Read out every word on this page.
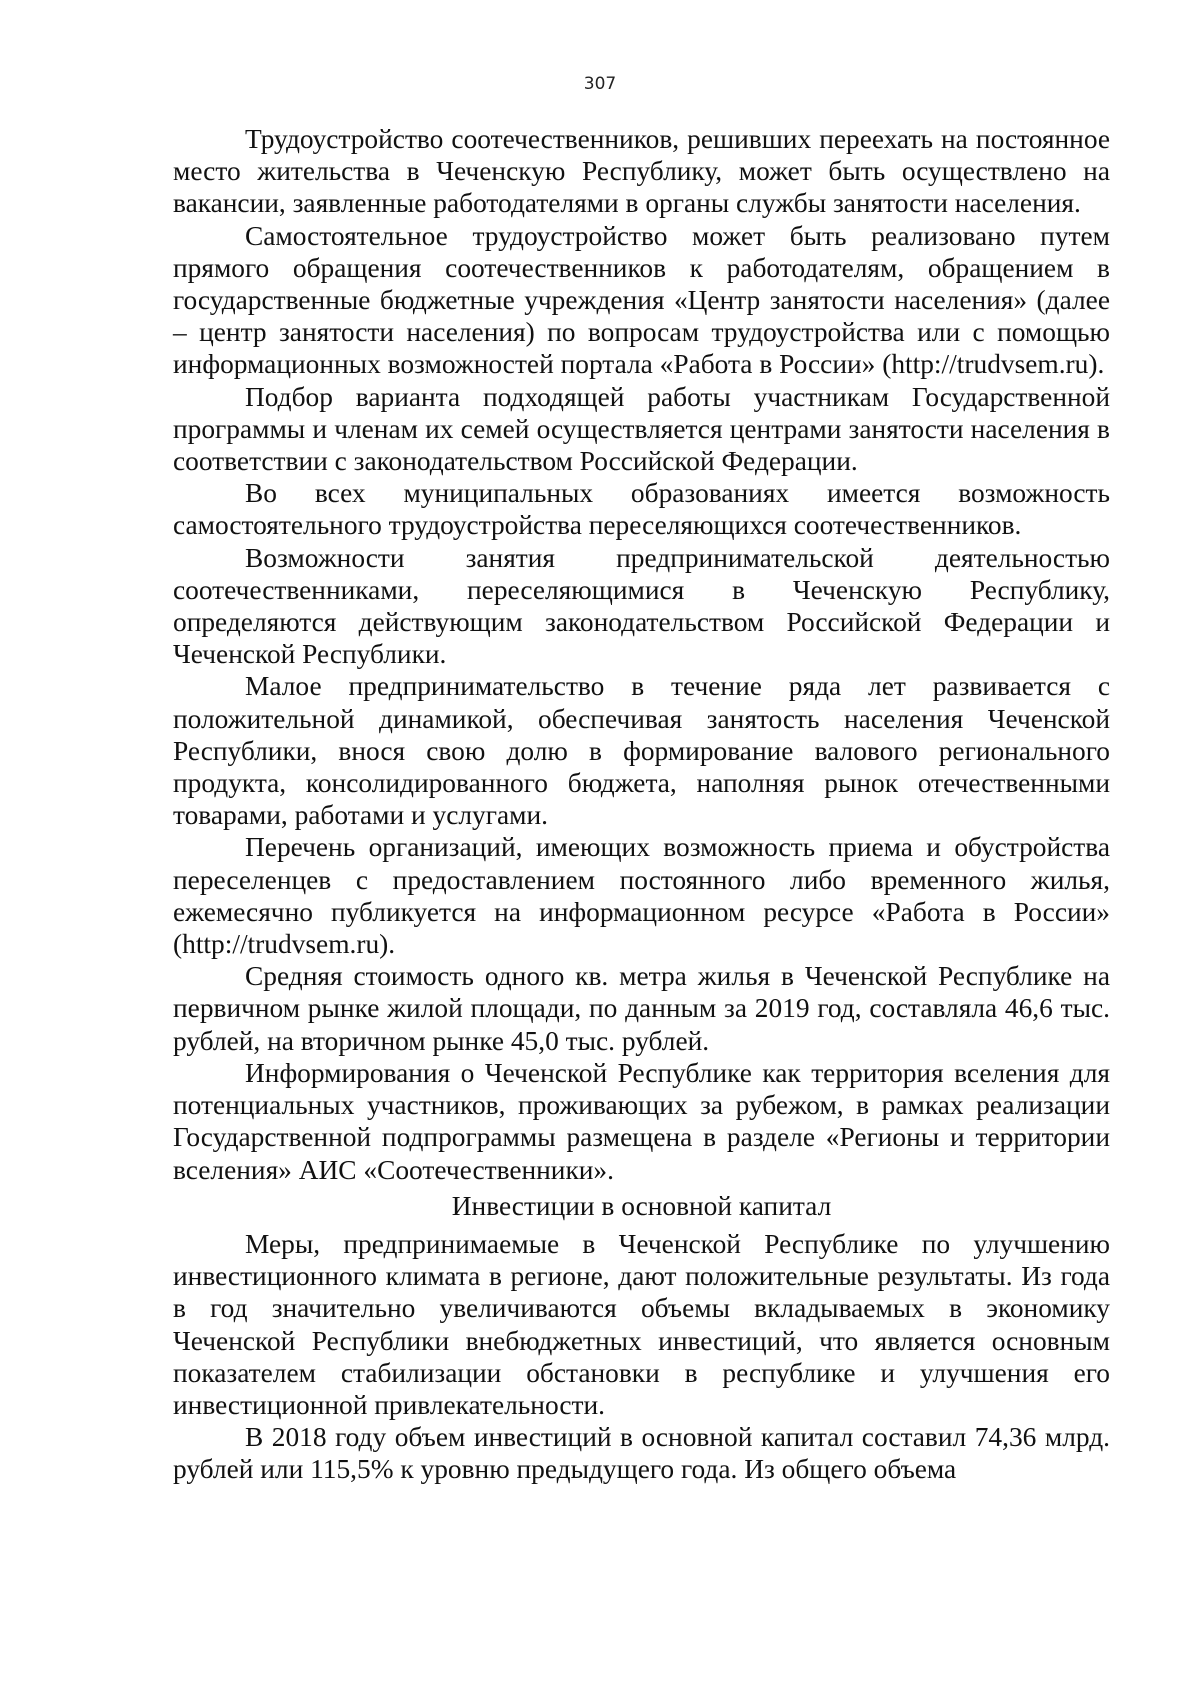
307

Трудоустройство соотечественников, решивших переехать на постоянное место жительства в Чеченскую Республику, может быть осуществлено на вакансии, заявленные работодателями в органы службы занятости населения.

Самостоятельное трудоустройство может быть реализовано путем прямого обращения соотечественников к работодателям, обращением в государственные бюджетные учреждения «Центр занятости населения» (далее – центр занятости населения) по вопросам трудоустройства или с помощью информационных возможностей портала «Работа в России» (http://trudvsem.ru).

Подбор варианта подходящей работы участникам Государственной программы и членам их семей осуществляется центрами занятости населения в соответствии с законодательством Российской Федерации.

Во всех муниципальных образованиях имеется возможность самостоятельного трудоустройства переселяющихся соотечественников.

Возможности занятия предпринимательской деятельностью соотечественниками, переселяющимися в Чеченскую Республику, определяются действующим законодательством Российской Федерации и Чеченской Республики.

Малое предпринимательство в течение ряда лет развивается с положительной динамикой, обеспечивая занятость населения Чеченской Республики, внося свою долю в формирование валового регионального продукта, консолидированного бюджета, наполняя рынок отечественными товарами, работами и услугами.

Перечень организаций, имеющих возможность приема и обустройства переселенцев с предоставлением постоянного либо временного жилья, ежемесячно публикуется на информационном ресурсе «Работа в России» (http://trudvsem.ru).

Средняя стоимость одного кв. метра жилья в Чеченской Республике на первичном рынке жилой площади, по данным за 2019 год, составляла 46,6 тыс. рублей, на вторичном рынке 45,0 тыс. рублей.

Информирования о Чеченской Республике как территория вселения для потенциальных участников, проживающих за рубежом, в рамках реализации Государственной подпрограммы размещена в разделе «Регионы и территории вселения» АИС «Соотечественники».

Инвестиции в основной капитал

Меры, предпринимаемые в Чеченской Республике по улучшению инвестиционного климата в регионе, дают положительные результаты. Из года в год значительно увеличиваются объемы вкладываемых в экономику Чеченской Республики внебюджетных инвестиций, что является основным показателем стабилизации обстановки в республике и улучшения его инвестиционной привлекательности.

В 2018 году объем инвестиций в основной капитал составил 74,36 млрд. рублей или 115,5% к уровню предыдущего года. Из общего объема
